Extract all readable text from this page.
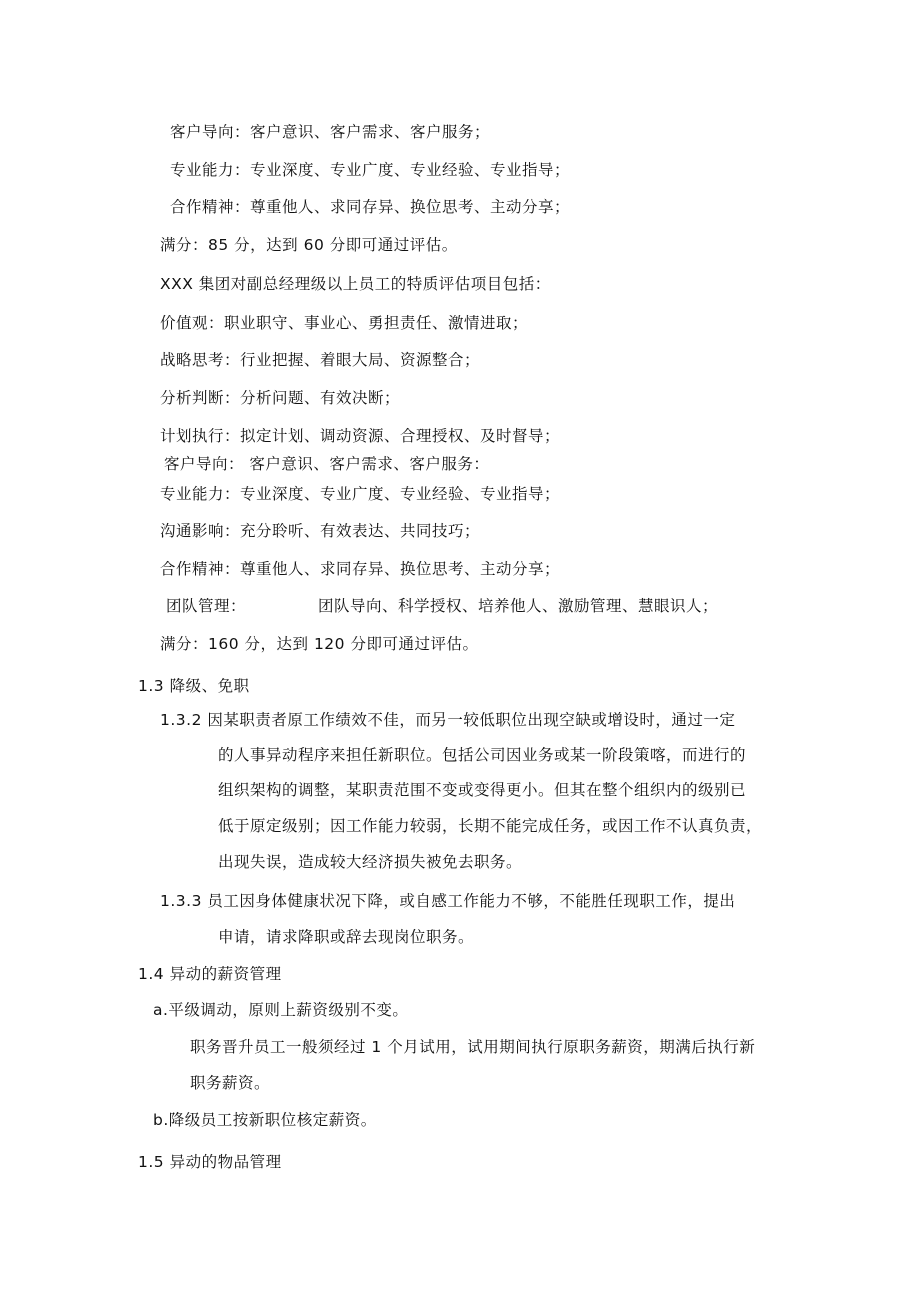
客户导向：客户意识、客户需求、客户服务；
专业能力：专业深度、专业广度、专业经验、专业指导；
合作精神：尊重他人、求同存异、换位思考、主动分享；
满分：85 分，达到 60 分即可通过评估。
XXX 集团对副总经理级以上员工的特质评估项目包括：
价值观：职业职守、事业心、勇担责任、激情进取；
战略思考：行业把握、着眼大局、资源整合；
分析判断：分析问题、有效决断；
计划执行：拟定计划、调动资源、合理授权、及时督导；
客户导向： 客户意识、客户需求、客户服务：
专业能力：专业深度、专业广度、专业经验、专业指导；
沟通影响：充分聆听、有效表达、共同技巧；
合作精神：尊重他人、求同存异、换位思考、主动分享；
团队管理：	团队导向、科学授权、培养他人、激励管理、慧眼识人；
满分：160 分，达到 120 分即可通过评估。
1.3 降级、免职
1.3.2 因某职责者原工作绩效不佳，而另一较低职位出现空缺或增设时，通过一定
的人事异动程序来担任新职位。包括公司因业务或某一阶段策喀，而进行的
组织架构的调整，某职责范围不变或变得更小。但其在整个组织内的级别已
低于原定级别；因工作能力较弱，长期不能完成任务，或因工作不认真负责，
出现失误，造成较大经济损失被免去职务。
1.3.3 员工因身体健康状况下降，或自感工作能力不够，不能胜任现职工作，提出
申请，请求降职或辞去现岗位职务。
1.4 异动的薪资管理
a.平级调动，原则上薪资级别不变。
职务晋升员工一般须经过 1 个月试用，试用期间执行原职务薪资，期满后执行新
职务薪资。
b.降级员工按新职位核定薪资。
1.5 异动的物品管理
